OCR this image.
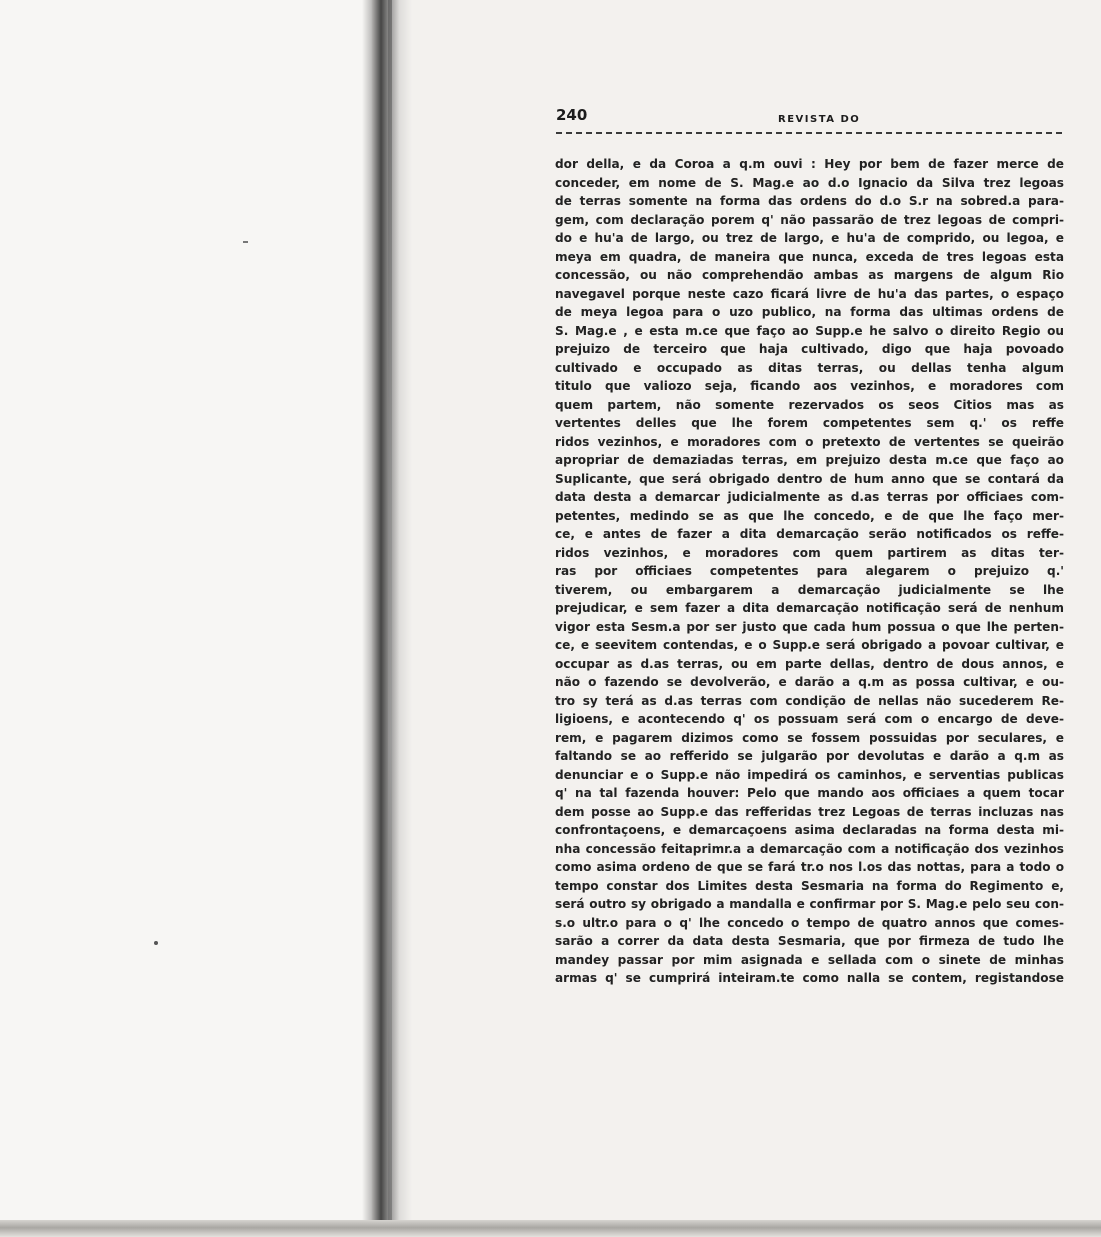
240	REVISTA DO
dor della, e da Coroa a q.m ouvi : Hey por bem de fazer merce de
conceder, em nome de S. Mag.e ao d.o Ignacio da Silva trez legoas
de terras somente na forma das ordens do d.o S.r na sobred.a para-
gem, com declaração porem q' não passarão de trez legoas de compri-
do e hu'a de largo, ou trez de largo, e hu'a de comprido, ou legoa, e
meya em quadra, de maneira que nunca, exceda de tres legoas esta
concessão, ou não comprehendão ambas as margens de algum Rio
navegavel porque neste cazo ficará livre de hu'a das partes, o espaço
de meya legoa para o uzo publico, na forma das ultimas ordens de
S. Mag.e , e esta m.ce que faço ao Supp.e he salvo o direito Regio ou
prejuizo de terceiro que haja cultivado, digo que haja povoado
cultivado e occupado as ditas terras, ou dellas tenha algum
titulo que valiozo seja, ficando aos vezinhos, e moradores com
quem partem, não somente rezervados os seos Citios mas as
vertentes delles que lhe forem competentes sem q.' os reffe
ridos vezinhos, e moradores com o pretexto de vertentes se queirão
apropriar de demaziadas terras, em prejuizo desta m.ce que faço ao
Suplicante, que será obrigado dentro de hum anno que se contará da
data desta a demarcar judicialmente as d.as terras por officiaes com-
petentes, medindo se as que lhe concedo, e de que lhe faço mer-
ce, e antes de fazer a dita demarcação serão notificados os reffe-
ridos vezinhos, e moradores com quem partirem as ditas ter-
ras por officiaes competentes para alegarem o prejuizo q.'
tiverem, ou embargarem a demarcação judicialmente se lhe
prejudicar, e sem fazer a dita demarcação notificação será de nenhum
vigor esta Sesm.a por ser justo que cada hum possua o que lhe perten-
ce, e seevitem contendas, e o Supp.e será obrigado a povoar cultivar, e
occupar as d.as terras, ou em parte dellas, dentro de dous annos, e
não o fazendo se devolverão, e darão a q.m as possa cultivar, e ou-
tro sy terá as d.as terras com condição de nellas não sucederem Re-
ligioens, e acontecendo q' os possuam será com o encargo de deve-
rem, e pagarem dizimos como se fossem possuidas por seculares, e
faltando se ao refferido se julgarão por devolutas e darão a q.m as
denunciar e o Supp.e não impedirá os caminhos, e serventias publicas
q' na tal fazenda houver: Pelo que mando aos officiaes a quem tocar
dem posse ao Supp.e das refferidas trez Legoas de terras incluzas nas
confrontaçoens, e demarcaçoens asima declaradas na forma desta mi-
nha concessão feitaprimr.a a demarcação com a notificação dos vezinhos
como asima ordeno de que se fará tr.o nos l.os das nottas, para a todo o
tempo constar dos Limites desta Sesmaria na forma do Regimento e,
será outro sy obrigado a mandalla e confirmar por S. Mag.e pelo seu con-
s.o ultr.o para o q' lhe concedo o tempo de quatro annos que comes-
sarão a correr da data desta Sesmaria, que por firmeza de tudo lhe
mandey passar por mim asignada e sellada com o sinete de minhas
armas q' se cumprirá inteiram.te como nalla se contem, registandose
